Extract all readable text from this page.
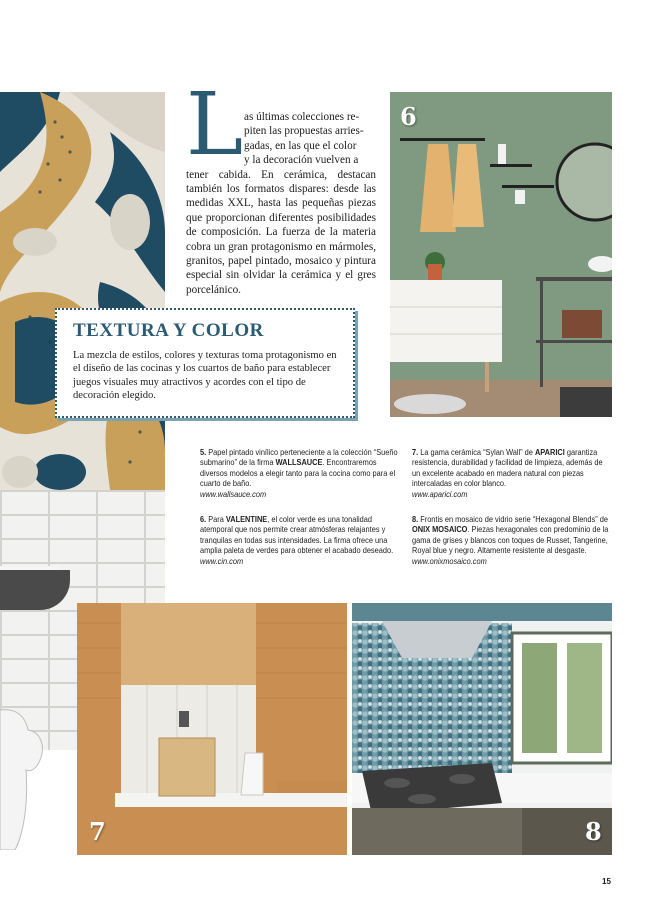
L as últimas colecciones re-
piten las propuestas arries-
gadas, en las que el color
y la decoración vuelven a

tener cabida. En cerámica, destacan también los formatos dispares: desde las medidas XXL, hasta las pequeñas piezas que proporcionan diferentes posibilidades de composición. La fuerza de la materia cobra un gran protagonismo en mármoles, granitos, papel pintado, mosaico y pintura especial sin olvidar la cerámica y el gres porcelánico.

TEXTURA Y COLOR

La mezcla de estilos, colores y texturas toma protagonismo en el diseño de las cocinas y los cuartos de baño para establecer juegos visuales muy atractivos y acordes con el tipo de decoración elegido.

6
5. Papel pintado vinílico perteneciente a la colección “Sueño submarino” de la firma WALLSAUCE. Encontraremos diversos modelos a elegir tanto para la cocina como para el cuarto de baño.
www.wallsauce.com
6. Para VALENTINE, el color verde es una tonalidad atemporal que nos permite crear atmósferas relajantes y tranquilas en todas sus intensidades. La firma ofrece una amplia paleta de verdes para obtener el acabado deseado.
www.cin.com
7. La gama cerámica “Sylan Wall” de APARICI garantiza resistencia, durabilidad y facilidad de limpieza, además de un excelente acabado en madera natural con piezas intercaladas en color blanco.
www.aparici.com
8. Frontis en mosaico de vidrio serie “Hexagonal Blends” de ONIX MOSAICO. Piezas hexagonales con predominio de la gama de grises y blancos con toques de Russet, Tangerine, Royal blue y negro. Altamente resistente al desgaste.
www.onixmosaico.com
7	8
15
